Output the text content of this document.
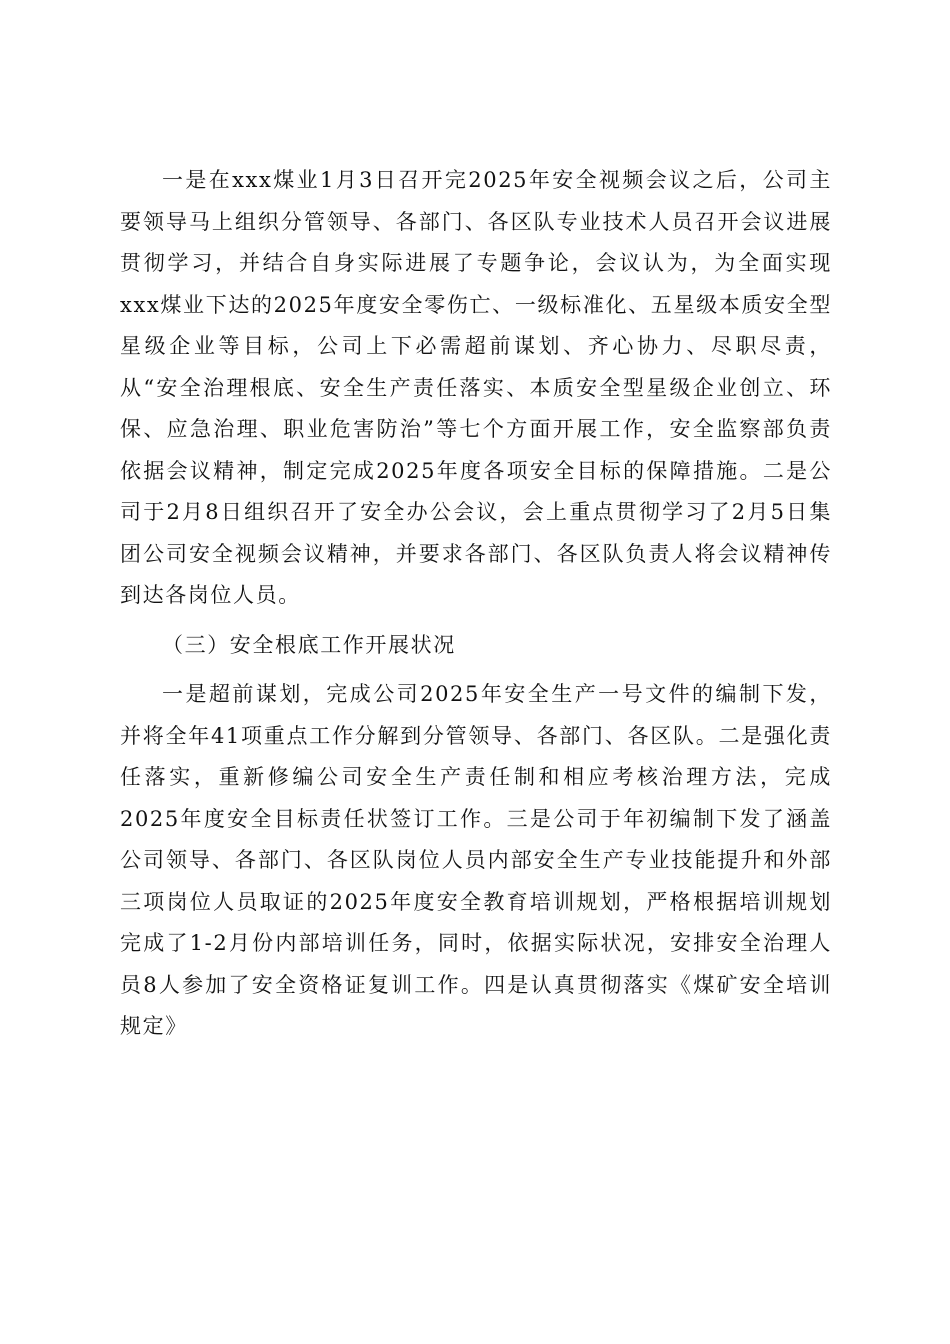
一是在xxx煤业1月3日召开完2025年安全视频会议之后，公司主要领导马上组织分管领导、各部门、各区队专业技术人员召开会议进展贯彻学习，并结合自身实际进展了专题争论，会议认为，为全面实现xxx煤业下达的2025年度安全零伤亡、一级标准化、五星级本质安全型星级企业等目标，公司上下必需超前谋划、齐心协力、尽职尽责，从“安全治理根底、安全生产责任落实、本质安全型星级企业创立、环保、应急治理、职业危害防治”等七个方面开展工作，安全监察部负责依据会议精神，制定完成2025年度各项安全目标的保障措施。二是公司于2月8日组织召开了安全办公会议，会上重点贯彻学习了2月5日集团公司安全视频会议精神，并要求各部门、各区队负责人将会议精神传到达各岗位人员。

（三）安全根底工作开展状况

一是超前谋划，完成公司2025年安全生产一号文件的编制下发，并将全年41项重点工作分解到分管领导、各部门、各区队。二是强化责任落实，重新修编公司安全生产责任制和相应考核治理方法，完成2025年度安全目标责任状签订工作。三是公司于年初编制下发了涵盖公司领导、各部门、各区队岗位人员内部安全生产专业技能提升和外部三项岗位人员取证的2025年度安全教育培训规划，严格根据培训规划完成了1-2月份内部培训任务，同时，依据实际状况，安排安全治理人员8人参加了安全资格证复训工作。四是认真贯彻落实《煤矿安全培训规定》
